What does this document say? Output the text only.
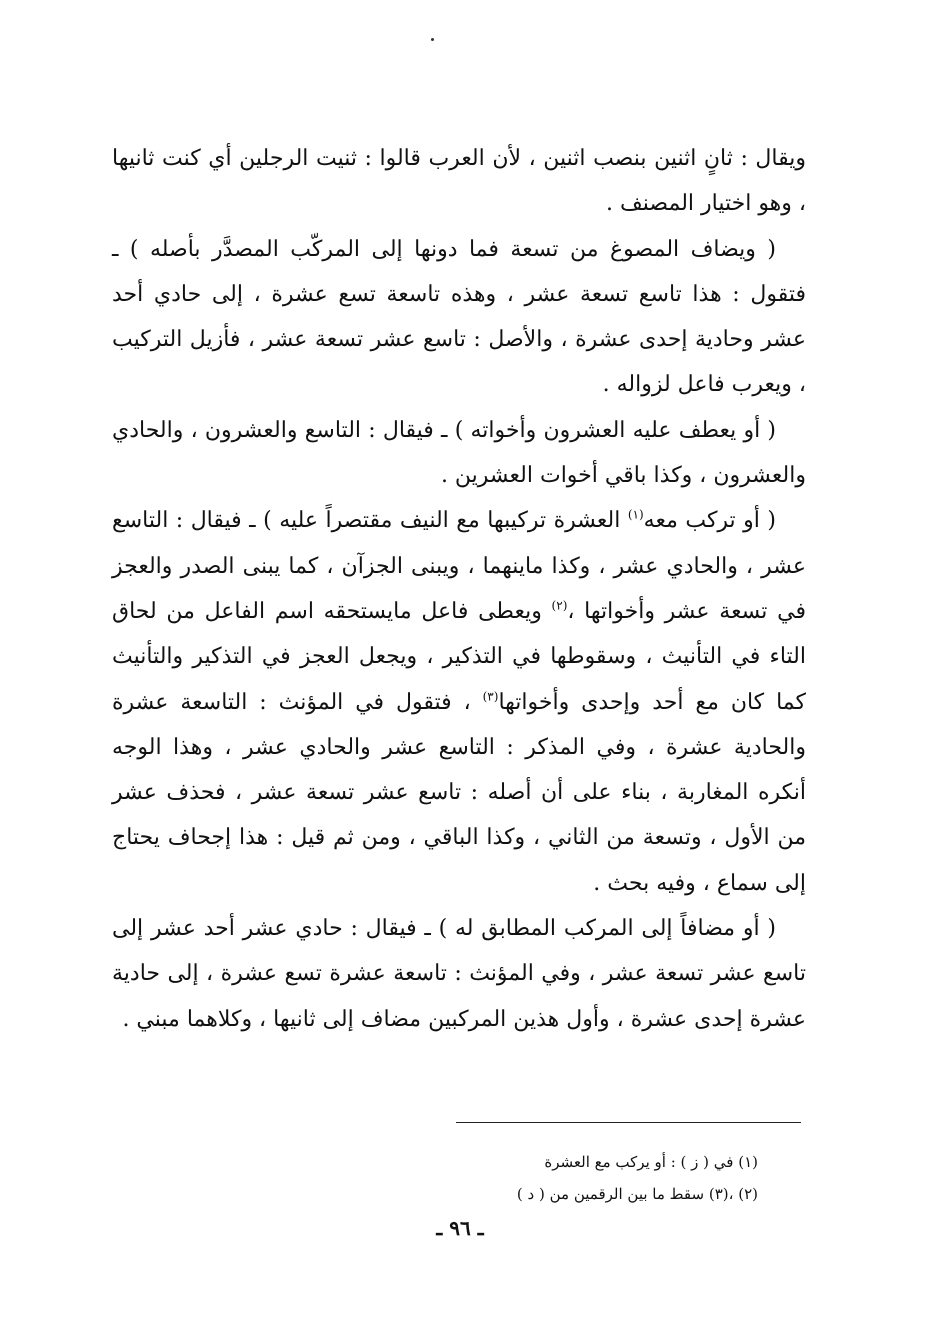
ويقال : ثانٍ اثنين بنصب اثنين ، لأن العرب قالوا : ثنيت الرجلين أي كنت ثانيها ، وهو اختيار المصنف .

( ويضاف المصوغ من تسعة فما دونها إلى المركّب المصدَّر بأصله ) ـ فتقول : هذا تاسع تسعة عشر ، وهذه تاسعة تسع عشرة ، إلى حادي أحد عشر وحادية إحدى عشرة ، والأصل : تاسع عشر تسعة عشر ، فأزيل التركيب ، ويعرب فاعل لزواله .

( أو يعطف عليه العشرون وأخواته ) ـ فيقال : التاسع والعشرون ، والحادي والعشرون ، وكذا باقي أخوات العشرين .

( أو تركب معه$^{(١)}$ العشرة تركيبها مع النيف مقتصراً عليه ) ـ فيقال : التاسع عشر ، والحادي عشر ، وكذا ماينهما ، ويبنى الجزآن ، كما يبنى الصدر والعجز في تسعة عشر وأخواتها ،$^{(٢)}$ ويعطى فاعل مايستحقه اسم الفاعل من لحاق التاء في التأنيث ، وسقوطها في التذكير ، ويجعل العجز في التذكير والتأنيث كما كان مع أحد وإحدى وأخواتها$^{(٣)}$ ، فتقول في المؤنث : التاسعة عشرة والحادية عشرة ، وفي المذكر : التاسع عشر والحادي عشر ، وهذا الوجه أنكره المغاربة ، بناء على أن أصله : تاسع عشر تسعة عشر ، فحذف عشر من الأول ، وتسعة من الثاني ، وكذا الباقي ، ومن ثم قيل : هذا إجحاف يحتاج إلى سماع ، وفيه بحث .

( أو مضافاً إلى المركب المطابق له ) ـ فيقال : حادي عشر أحد عشر إلى تاسع عشر تسعة عشر ، وفي المؤنث : تاسعة عشرة تسع عشرة ، إلى حادية عشرة إحدى عشرة ، وأول هذين المركبين مضاف إلى ثانيها ، وكلاهما مبني .

(١) في ( ز ) : أو يركب مع العشرة
(٢) ،(٣) سقط ما بين الرقمين من ( د )
ـ ٩٦ ـ
